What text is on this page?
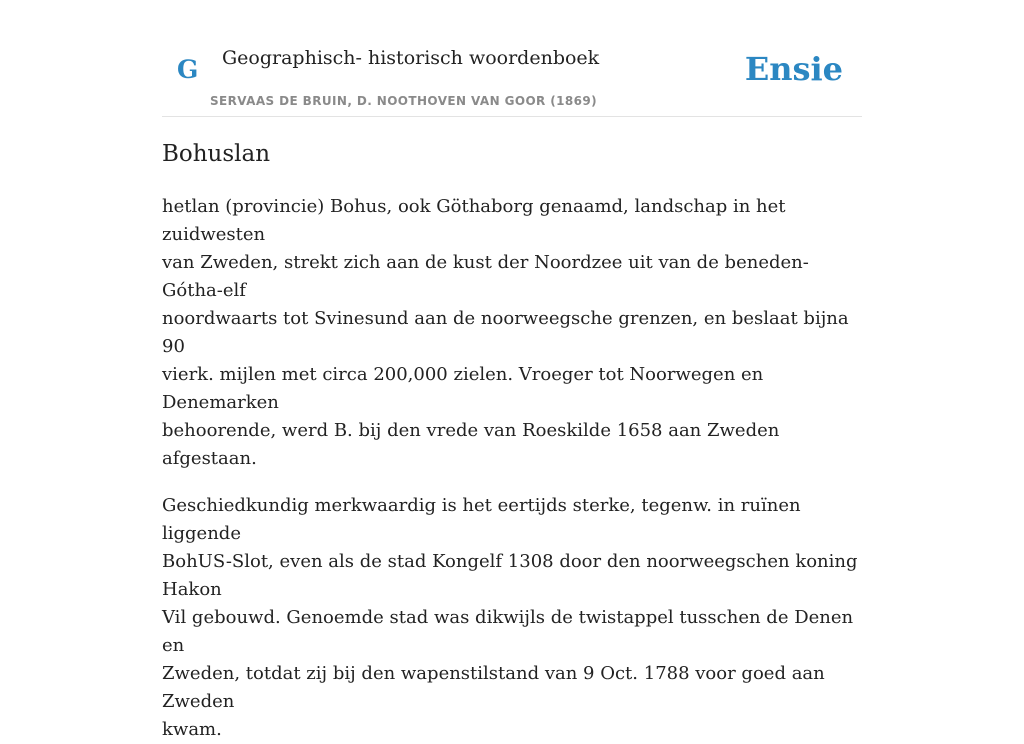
G Geographisch- historisch woordenboek
SERVAAS DE BRUIN, D. NOOTHOVEN VAN GOOR (1869)
Ensie
Bohuslan

hetlan (provincie) Bohus, ook Göthaborg genaamd, landschap in het zuidwesten
van Zweden, strekt zich aan de kust der Noordzee uit van de beneden-Gótha-elf
noordwaarts tot Svinesund aan de noorweegsche grenzen, en beslaat bijna 90
vierk. mijlen met circa 200,000 zielen. Vroeger tot Noorwegen en Denemarken
behoorende, werd B. bij den vrede van Roeskilde 1658 aan Zweden afgestaan.

Geschiedkundig merkwaardig is het eertijds sterke, tegenw. in ruïnen liggende
BohUS-Slot, even als de stad Kongelf 1308 door den noorweegschen koning Hakon
Vil gebouwd. Genoemde stad was dikwijls de twistappel tusschen de Denen en
Zweden, totdat zij bij den wapenstilstand van 9 Oct. 1788 voor goed aan Zweden
kwam.
